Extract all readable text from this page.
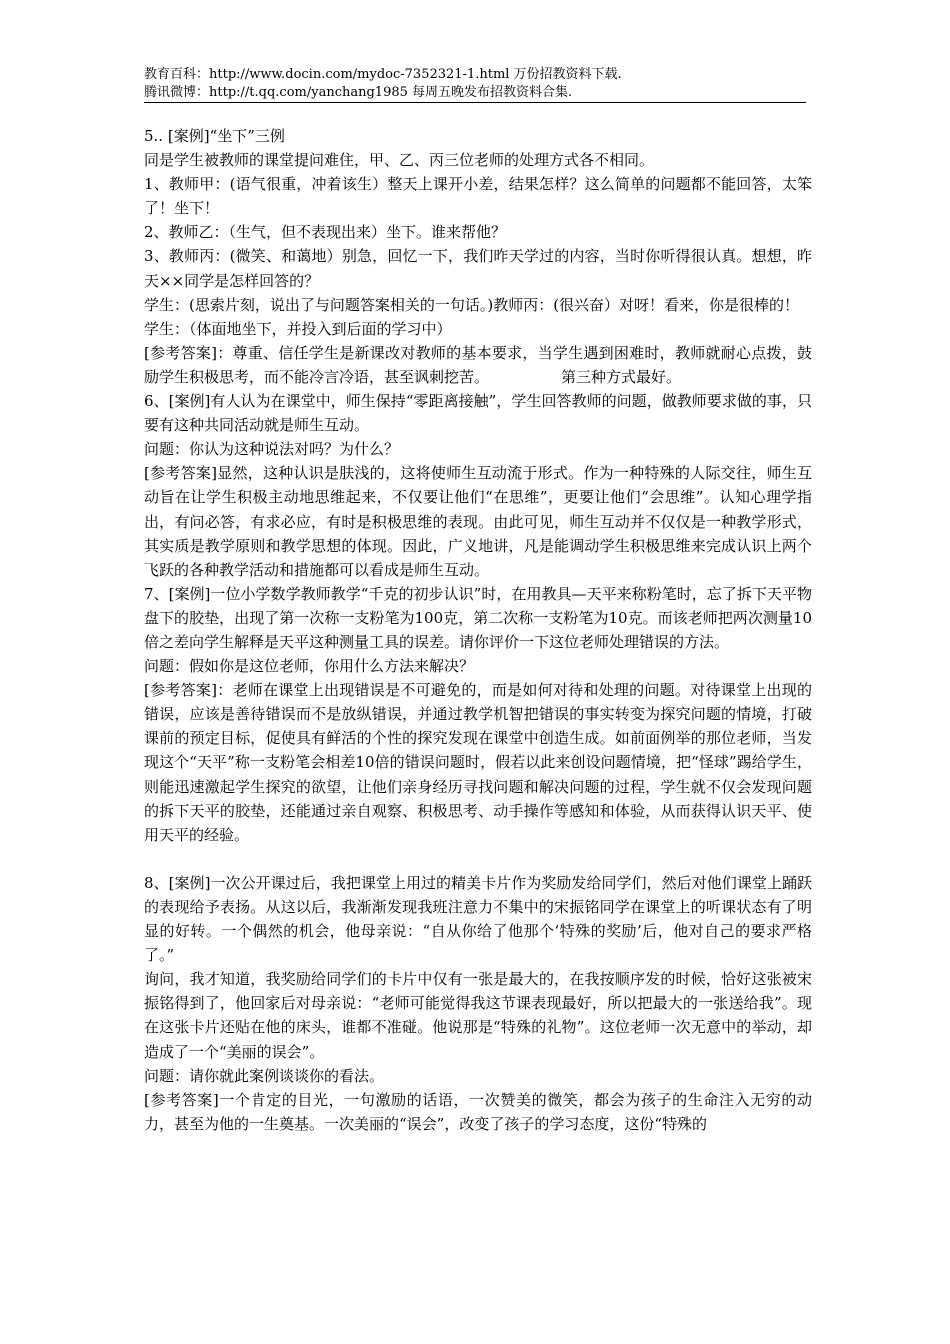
教育百科：http://www.docin.com/mydoc-7352321-1.html 万份招教资料下载.
腾讯微博：http://t.qq.com/yanchang1985 每周五晚发布招教资料合集.

5.. [案例]“坐下”三例

同是学生被教师的课堂提问难住，甲、乙、丙三位老师的处理方式各不相同。

1、教师甲：(语气很重，冲着该生）整天上课开小差，结果怎样？这么简单的问题都不能回答，太笨了！坐下！

2、教师乙：（生气，但不表现出来）坐下。谁来帮他？

3、教师丙：(微笑、和蔼地）别急，回忆一下，我们昨天学过的内容，当时你听得很认真。想想，昨天××同学是怎样回答的？

学生：(思索片刻，说出了与问题答案相关的一句话。)教师丙：(很兴奋）对呀！看来，你是很棒的！

学生：（体面地坐下，并投入到后面的学习中）

[参考答案]：尊重、信任学生是新课改对教师的基本要求，当学生遇到困难时，教师就耐心点拨，鼓励学生积极思考，而不能冷言冷语，甚至讽刺挖苦。	第三种方式最好。

6、[案例]有人认为在课堂中，师生保持“零距离接触”，学生回答教师的问题，做教师要求做的事，只要有这种共同活动就是师生互动。

问题：你认为这种说法对吗？为什么？

[参考答案]显然，这种认识是肤浅的，这将使师生互动流于形式。作为一种特殊的人际交往，师生互动旨在让学生积极主动地思维起来，不仅要让他们“在思维”，更要让他们“会思维”。认知心理学指出，有问必答，有求必应，有时是积极思维的表现。由此可见，师生互动并不仅仅是一种教学形式，其实质是教学原则和教学思想的体现。因此，广义地讲，凡是能调动学生积极思维来完成认识上两个飞跃的各种教学活动和措施都可以看成是师生互动。

7、[案例]一位小学数学教师教学“千克的初步认识”时，在用教具—天平来称粉笔时，忘了拆下天平物盘下的胶垫，出现了第一次称一支粉笔为100克，第二次称一支粉笔为10克。而该老师把两次测量10倍之差向学生解释是天平这种测量工具的误差。请你评价一下这位老师处理错误的方法。

问题：假如你是这位老师，你用什么方法来解决？

[参考答案]：老师在课堂上出现错误是不可避免的，而是如何对待和处理的问题。对待课堂上出现的错误，应该是善待错误而不是放纵错误，并通过教学机智把错误的事实转变为探究问题的情境，打破课前的预定目标，促使具有鲜活的个性的探究发现在课堂中创造生成。如前面例举的那位老师，当发现这个“天平”称一支粉笔会相差10倍的错误问题时，假若以此来创设问题情境，把“怪球”踢给学生，则能迅速激起学生探究的欲望，让他们亲身经历寻找问题和解决问题的过程，学生就不仅会发现问题的拆下天平的胶垫，还能通过亲自观察、积极思考、动手操作等感知和体验，从而获得认识天平、使用天平的经验。

8、[案例]一次公开课过后，我把课堂上用过的精美卡片作为奖励发给同学们，然后对他们课堂上踊跃的表现给予表扬。从这以后，我渐渐发现我班注意力不集中的宋振铭同学在课堂上的听课状态有了明显的好转。一个偶然的机会，他母亲说：“自从你给了他那个‘特殊的奖励’后，他对自己的要求严格了。”

询问，我才知道，我奖励给同学们的卡片中仅有一张是最大的，在我按顺序发的时候，恰好这张被宋振铭得到了，他回家后对母亲说：“老师可能觉得我这节课表现最好，所以把最大的一张送给我”。现在这张卡片还贴在他的床头，谁都不准碰。他说那是“特殊的礼物”。这位老师一次无意中的举动，却造成了一个“美丽的误会”。

问题：请你就此案例谈谈你的看法。

[参考答案]一个肯定的目光，一句激励的话语，一次赞美的微笑，都会为孩子的生命注入无穷的动力，甚至为他的一生奠基。一次美丽的“误会”，改变了孩子的学习态度，这份“特殊的
